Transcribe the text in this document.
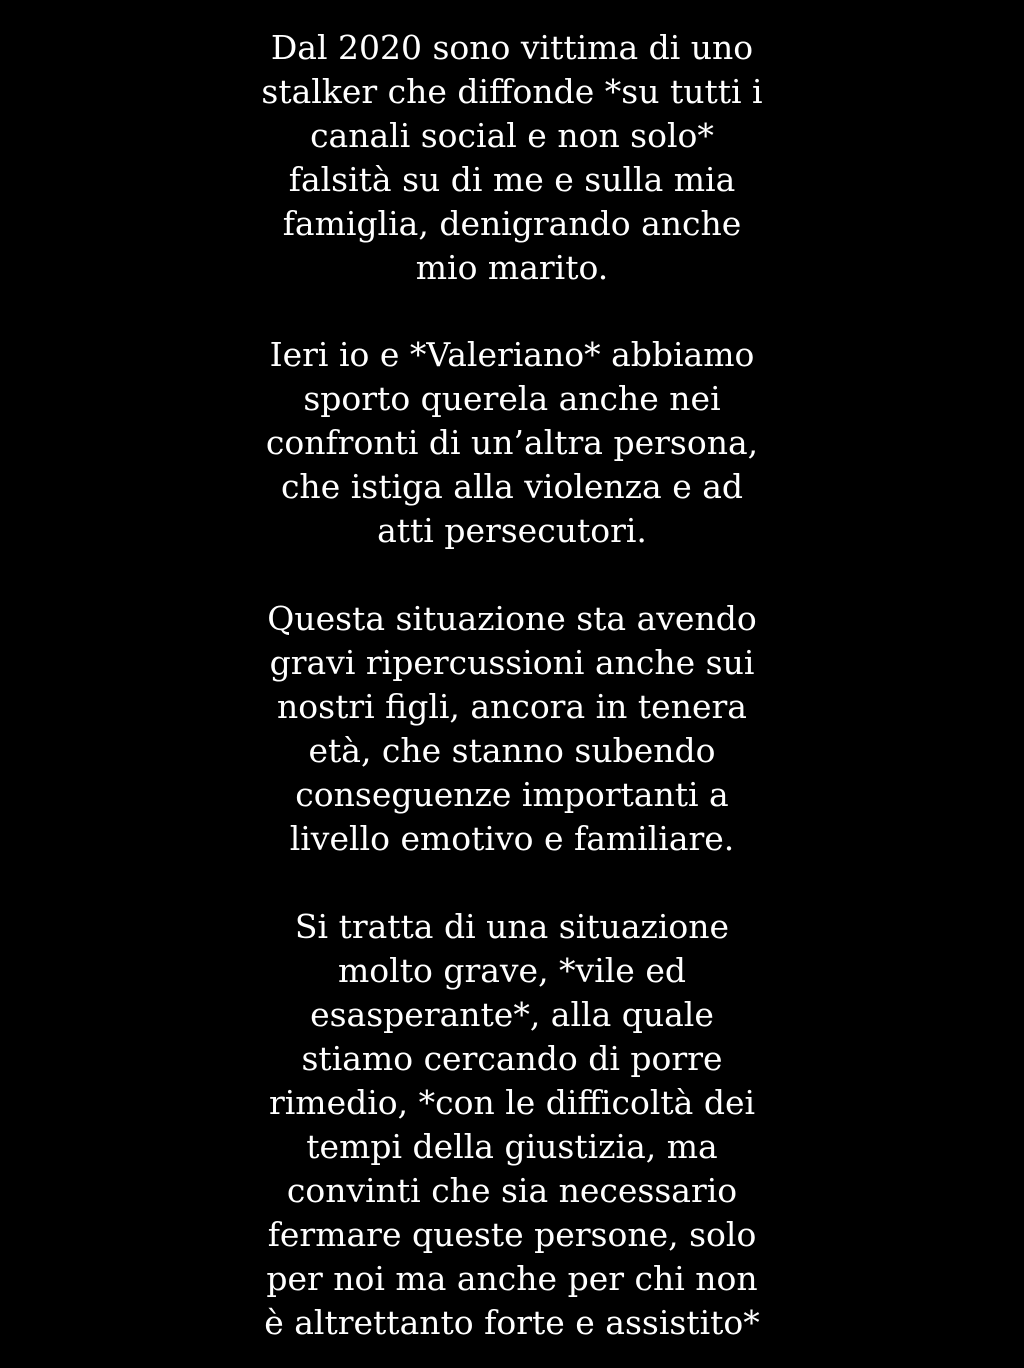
Dal 2020 sono vittima di uno
stalker che diffonde *su tutti i
canali social e non solo*
falsità su di me e sulla mia
famiglia, denigrando anche
mio marito.
Ieri io e *Valeriano* abbiamo
sporto querela anche nei
confronti di un’altra persona,
che istiga alla violenza e ad
atti persecutori.
Questa situazione sta avendo
gravi ripercussioni anche sui
nostri figli, ancora in tenera
età, che stanno subendo
conseguenze importanti a
livello emotivo e familiare.
Si tratta di una situazione
molto grave, *vile ed
esasperante*, alla quale
stiamo cercando di porre
rimedio, *con le difficoltà dei
tempi della giustizia, ma
convinti che sia necessario
fermare queste persone, solo
per noi ma anche per chi non
è altrettanto forte e assistito*
